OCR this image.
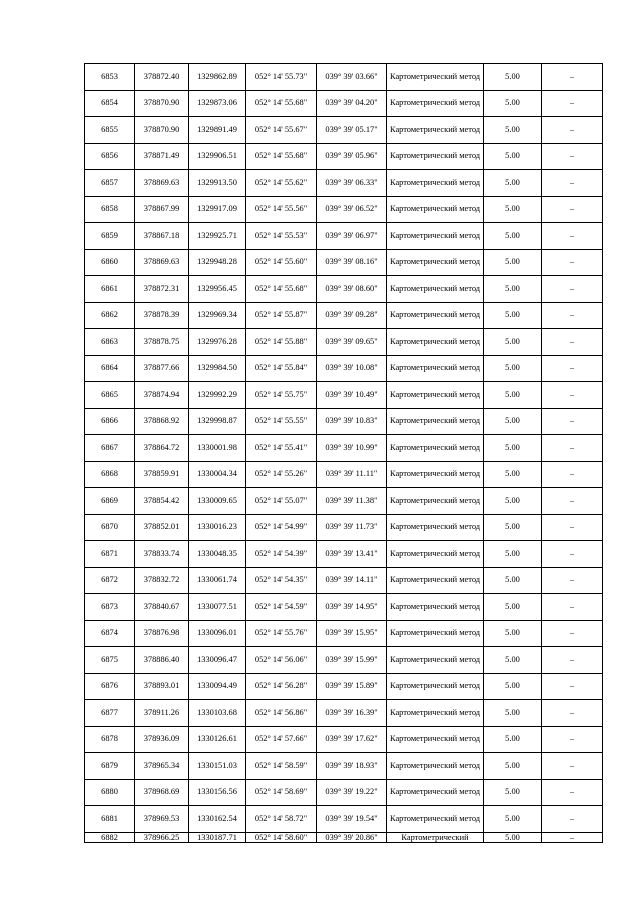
6853	378872.40	1329862.89	052° 14' 55.73"	039° 39' 03.66"	Картометрический метод	5.00	–
6854	378870.90	1329873.06	052° 14' 55.68"	039° 39' 04.20"	Картометрический метод	5.00	–
6855	378870.90	1329891.49	052° 14' 55.67"	039° 39' 05.17"	Картометрический метод	5.00	–
6856	378871.49	1329906.51	052° 14' 55.68"	039° 39' 05.96"	Картометрический метод	5.00	–
6857	378869.63	1329913.50	052° 14' 55.62"	039° 39' 06.33"	Картометрический метод	5.00	–
6858	378867.99	1329917.09	052° 14' 55.56"	039° 39' 06.52"	Картометрический метод	5.00	–
6859	378867.18	1329925.71	052° 14' 55.53"	039° 39' 06.97"	Картометрический метод	5.00	–
6860	378869.63	1329948.28	052° 14' 55.60"	039° 39' 08.16"	Картометрический метод	5.00	–
6861	378872.31	1329956.45	052° 14' 55.68"	039° 39' 08.60"	Картометрический метод	5.00	–
6862	378878.39	1329969.34	052° 14' 55.87"	039° 39' 09.28"	Картометрический метод	5.00	–
6863	378878.75	1329976.28	052° 14' 55.88"	039° 39' 09.65"	Картометрический метод	5.00	–
6864	378877.66	1329984.50	052° 14' 55.84"	039° 39' 10.08"	Картометрический метод	5.00	–
6865	378874.94	1329992.29	052° 14' 55.75"	039° 39' 10.49"	Картометрический метод	5.00	–
6866	378868.92	1329998.87	052° 14' 55.55"	039° 39' 10.83"	Картометрический метод	5.00	–
6867	378864.72	1330001.98	052° 14' 55.41"	039° 39' 10.99"	Картометрический метод	5.00	–
6868	378859.91	1330004.34	052° 14' 55.26"	039° 39' 11.11"	Картометрический метод	5.00	–
6869	378854.42	1330009.65	052° 14' 55.07"	039° 39' 11.38"	Картометрический метод	5.00	–
6870	378852.01	1330016.23	052° 14' 54.99"	039° 39' 11.73"	Картометрический метод	5.00	–
6871	378833.74	1330048.35	052° 14' 54.39"	039° 39' 13.41"	Картометрический метод	5.00	–
6872	378832.72	1330061.74	052° 14' 54.35"	039° 39' 14.11"	Картометрический метод	5.00	–
6873	378840.67	1330077.51	052° 14' 54.59"	039° 39' 14.95"	Картометрический метод	5.00	–
6874	378876.98	1330096.01	052° 14' 55.76"	039° 39' 15.95"	Картометрический метод	5.00	–
6875	378886.40	1330096.47	052° 14' 56.06"	039° 39' 15.99"	Картометрический метод	5.00	–
6876	378893.01	1330094.49	052° 14' 56.28"	039° 39' 15.89"	Картометрический метод	5.00	–
6877	378911.26	1330103.68	052° 14' 56.86"	039° 39' 16.39"	Картометрический метод	5.00	–
6878	378936.09	1330126.61	052° 14' 57.66"	039° 39' 17.62"	Картометрический метод	5.00	–
6879	378965.34	1330151.03	052° 14' 58.59"	039° 39' 18.93"	Картометрический метод	5.00	–
6880	378968.69	1330156.56	052° 14' 58.69"	039° 39' 19.22"	Картометрический метод	5.00	–
6881	378969.53	1330162.54	052° 14' 58.72"	039° 39' 19.54"	Картометрический метод	5.00	–
6882	378966.25	1330187.71	052° 14' 58.60"	039° 39' 20.86"	Картометрический	5.00	–
